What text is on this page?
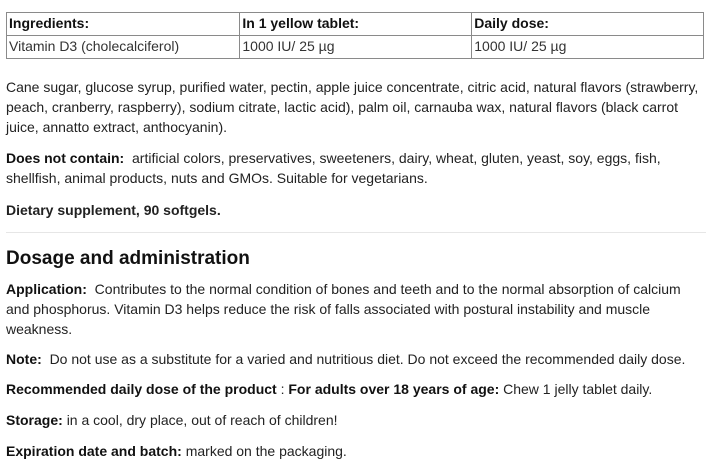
Ingredients:	In 1 yellow tablet:	Daily dose:
Vitamin D3 (cholecalciferol)	1000 IU/ 25 µg	1000 IU/ 25 µg

Cane sugar, glucose syrup, purified water, pectin, apple juice concentrate, citric acid, natural flavors (strawberry, peach, cranberry, raspberry), sodium citrate, lactic acid), palm oil, carnauba wax, natural flavors (black carrot juice, annatto extract, anthocyanin).

Does not contain: artificial colors, preservatives, sweeteners, dairy, wheat, gluten, yeast, soy, eggs, fish, shellfish, animal products, nuts and GMOs. Suitable for vegetarians.

Dietary supplement, 90 softgels.

Dosage and administration

Application: Contributes to the normal condition of bones and teeth and to the normal absorption of calcium and phosphorus. Vitamin D3 helps reduce the risk of falls associated with postural instability and muscle weakness.

Note: Do not use as a substitute for a varied and nutritious diet. Do not exceed the recommended daily dose.

Recommended daily dose of the product : For adults over 18 years of age: Chew 1 jelly tablet daily.

Storage: in a cool, dry place, out of reach of children!

Expiration date and batch: marked on the packaging.
